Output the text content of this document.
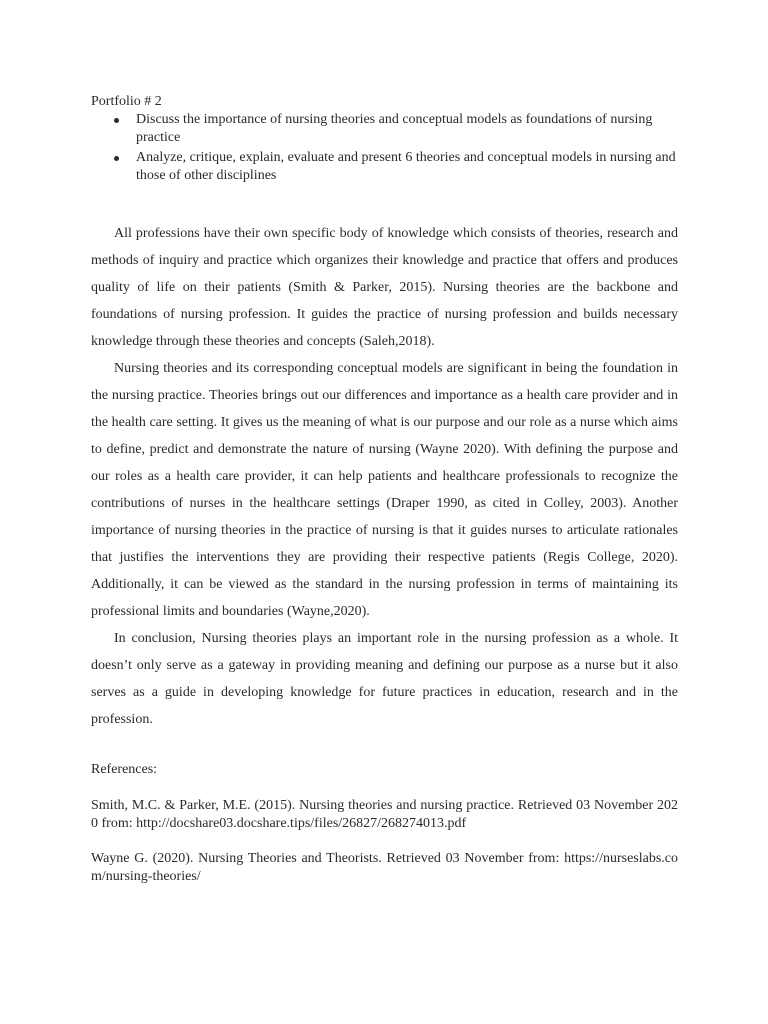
Portfolio # 2

Discuss the importance of nursing theories and conceptual models as foundations of nursing practice
Analyze, critique, explain, evaluate and present 6 theories and conceptual models in nursing and those of other disciplines

All professions have their own specific body of knowledge which consists of theories, research and methods of inquiry and practice which organizes their knowledge and practice that offers and produces quality of life on their patients (Smith & Parker, 2015). Nursing theories are the backbone and foundations of nursing profession. It guides the practice of nursing profession and builds necessary knowledge through these theories and concepts (Saleh,2018).

Nursing theories and its corresponding conceptual models are significant in being the foundation in the nursing practice. Theories brings out our differences and importance as a health care provider and in the health care setting. It gives us the meaning of what is our purpose and our role as a nurse which aims to define, predict and demonstrate the nature of nursing (Wayne 2020). With defining the purpose and our roles as a health care provider, it can help patients and healthcare professionals to recognize the contributions of nurses in the healthcare settings (Draper 1990, as cited in Colley, 2003). Another importance of nursing theories in the practice of nursing is that it guides nurses to articulate rationales that justifies the interventions they are providing their respective patients (Regis College, 2020). Additionally, it can be viewed as the standard in the nursing profession in terms of maintaining its professional limits and boundaries (Wayne,2020).

In conclusion, Nursing theories plays an important role in the nursing profession as a whole. It doesn’t only serve as a gateway in providing meaning and defining our purpose as a nurse but it also serves as a guide in developing knowledge for future practices in education, research and in the profession.

References:

Smith, M.C. & Parker, M.E. (2015). Nursing theories and nursing practice. Retrieved 03 November 2020 from: http://docshare03.docshare.tips/files/26827/268274013.pdf

Wayne G. (2020). Nursing Theories and Theorists. Retrieved 03 November from: https://nurseslabs.com/nursing-theories/
